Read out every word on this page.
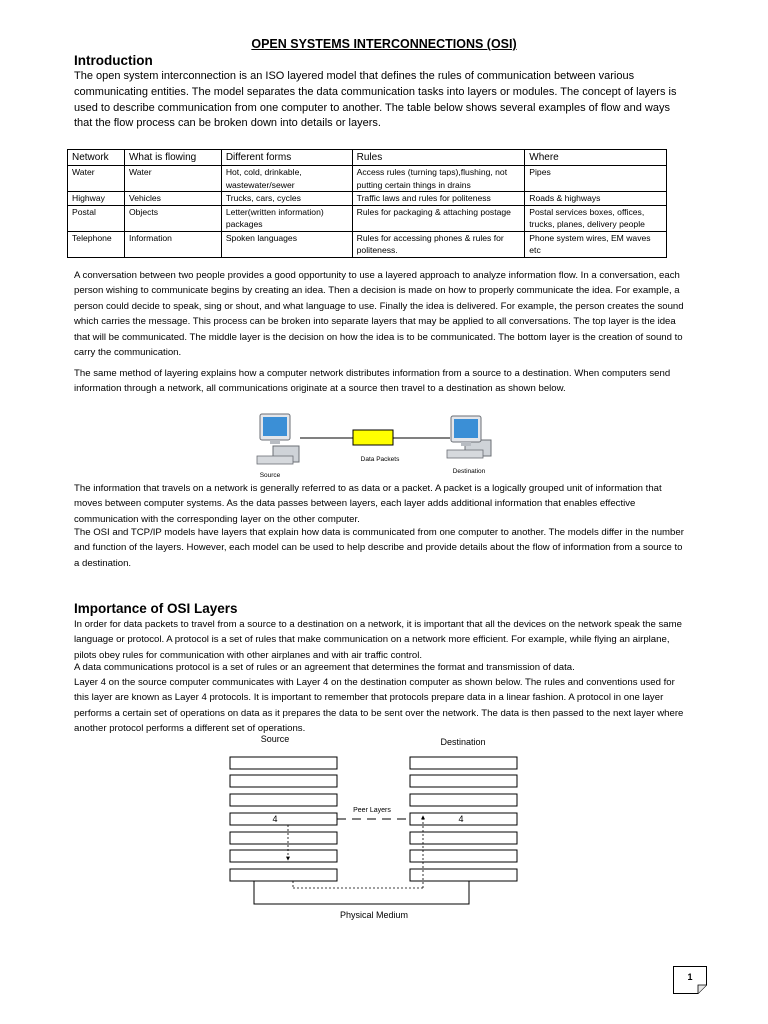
OPEN SYSTEMS INTERCONNECTIONS (OSI)
Introduction

The open system interconnection is an ISO layered model that defines the rules of communication between various communicating entities. The model separates the data communication tasks into layers or modules. The concept of layers is used to describe communication from one computer to another. The table below shows several examples of flow and ways that the flow process can be broken down into details or layers.

Network	What is flowing	Different forms	Rules	Where
Water	Water	Hot, cold, drinkable, wastewater/sewer	Access rules (turning taps),flushing, not putting certain things in drains	Pipes
Highway	Vehicles	Trucks, cars, cycles	Traffic laws and rules for politeness	Roads & highways
Postal	Objects	Letter(written information) packages	Rules for packaging & attaching postage	Postal services boxes, offices, trucks, planes, delivery people
Telephone	Information	Spoken languages	Rules for accessing phones & rules for politeness.	Phone system wires, EM waves etc

A conversation between two people provides a good opportunity to use a layered approach to analyze information flow. In a conversation, each person wishing to communicate begins by creating an idea. Then a decision is made on how to properly communicate the idea. For example, a person could decide to speak, sing or shout, and what language to use. Finally the idea is delivered. For example, the person creates the sound which carries the message. This process can be broken into separate layers that may be applied to all conversations. The top layer is the idea that will be communicated. The middle layer is the decision on how the idea is to be communicated. The bottom layer is the creation of sound to carry the communication.

The same method of layering explains how a computer network distributes information from a source to a destination. When computers send information through a network, all communications originate at a source then travel to a destination as shown below.

Data Packets
Source
Destination

The information that travels on a network is generally referred to as data or a packet. A packet is a logically grouped unit of information that moves between computer systems. As the data passes between layers, each layer adds additional information that enables effective communication with the corresponding layer on the other computer.

The OSI and TCP/IP models have layers that explain how data is communicated from one computer to another. The models differ in the number and function of the layers. However, each model can be used to help describe and provide details about the flow of information from a source to a destination.

Importance of OSI Layers

In order for data packets to travel from a source to a destination on a network, it is important that all the devices on the network speak the same language or protocol. A protocol is a set of rules that make communication on a network more efficient. For example, while flying an airplane, pilots obey rules for communication with other airplanes and with air traffic control.

A data communications protocol is a set of rules or an agreement that determines the format and transmission of data.

Layer 4 on the source computer communicates with Layer 4 on the destination computer as shown below. The rules and conventions used for this layer are known as Layer 4 protocols. It is important to remember that protocols prepare data in a linear fashion. A protocol in one layer performs a certain set of operations on data as it prepares the data to be sent over the network. The data is then passed to the next layer where another protocol performs a different set of operations.

Source	Destination
4	4
Peer Layers
Physical Medium
1
